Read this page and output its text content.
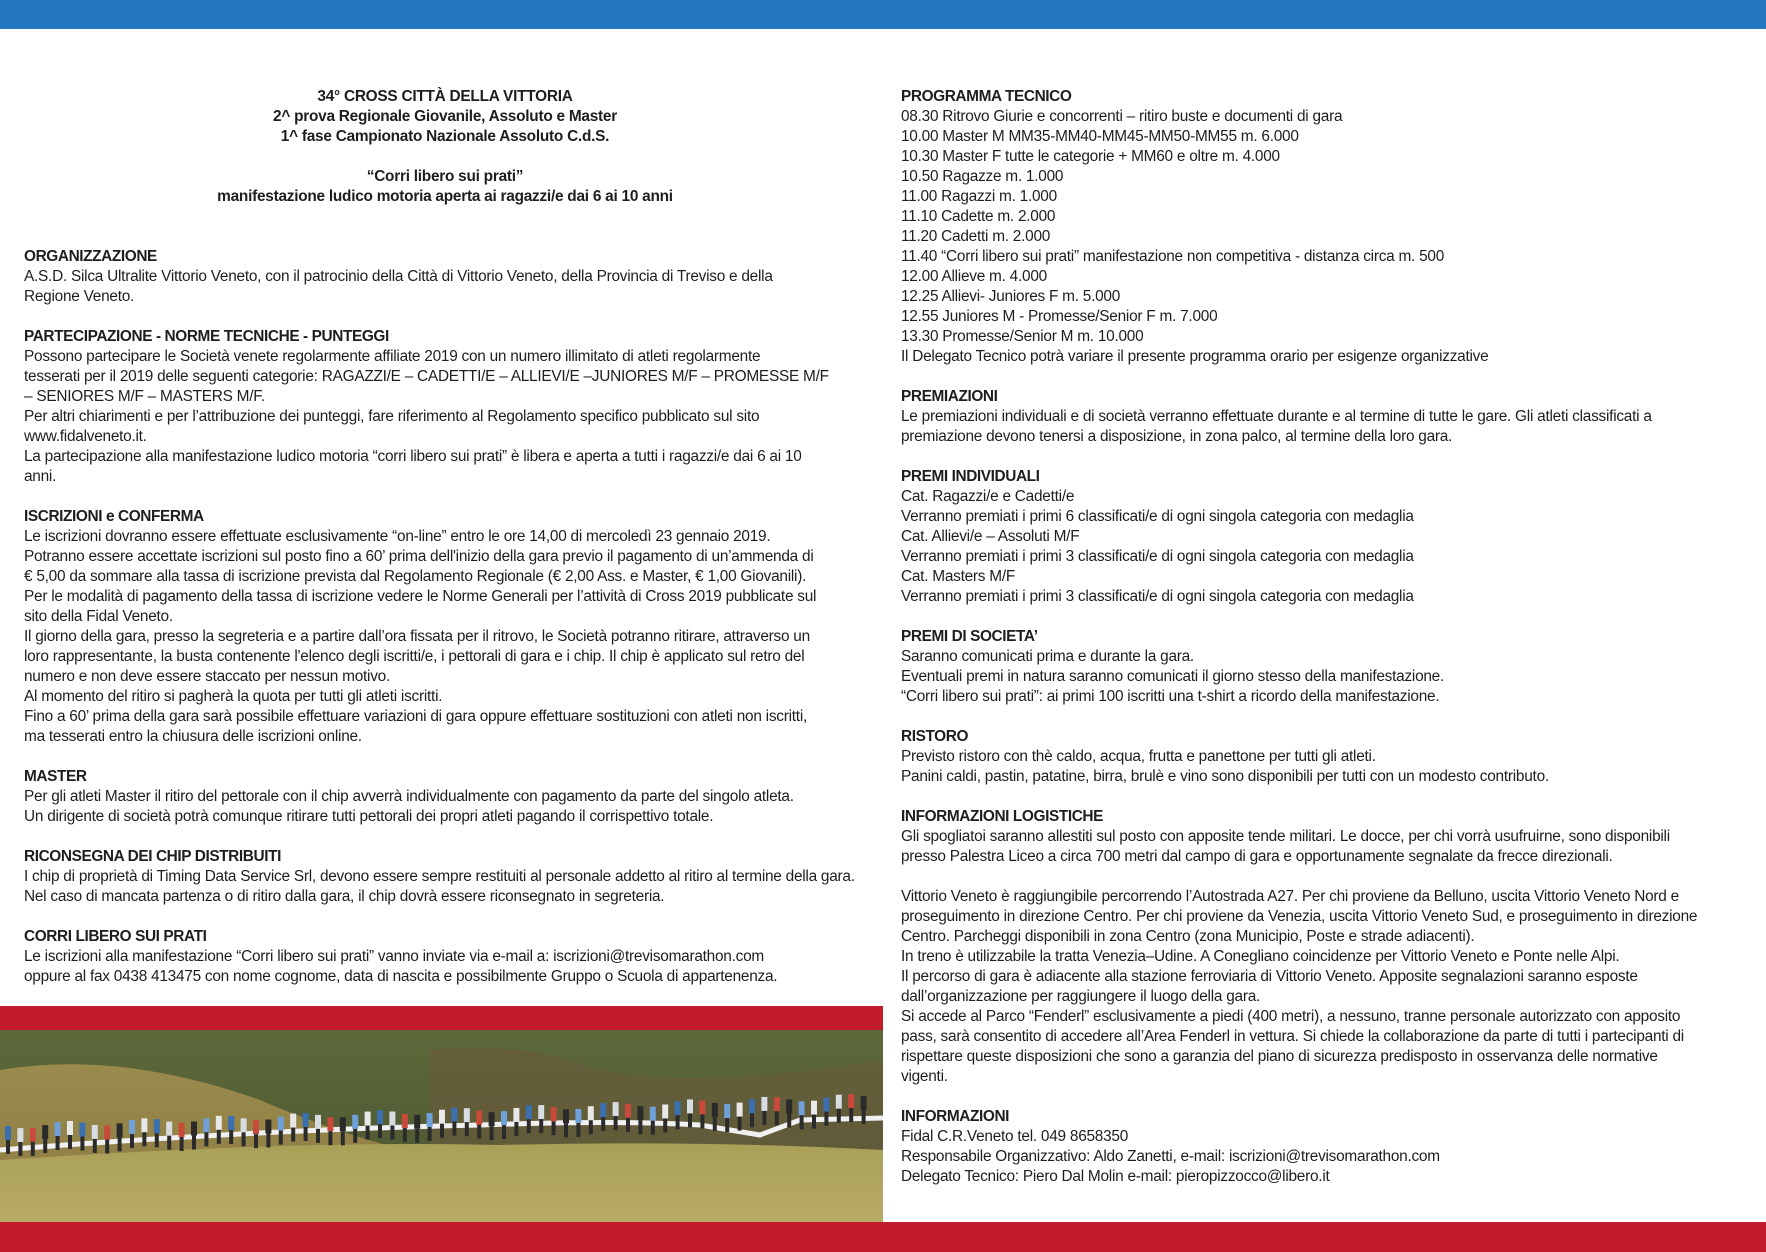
34° CROSS CITTÀ DELLA VITTORIA
2^ prova Regionale Giovanile, Assoluto e Master
1^ fase Campionato Nazionale Assoluto C.d.S.
“Corri libero sui prati”
manifestazione ludico motoria aperta ai ragazzi/e dai 6 ai 10 anni
ORGANIZZAZIONE
A.S.D. Silca Ultralite Vittorio Veneto, con il patrocinio della Città di Vittorio Veneto, della Provincia di Treviso e della
Regione Veneto.
PARTECIPAZIONE - NORME TECNICHE - PUNTEGGI
Possono partecipare le Società venete regolarmente affiliate 2019 con un numero illimitato di atleti regolarmente
tesserati per il 2019 delle seguenti categorie: RAGAZZI/E – CADETTI/E – ALLIEVI/E –JUNIORES M/F – PROMESSE M/F
– SENIORES M/F – MASTERS M/F.
Per altri chiarimenti e per l’attribuzione dei punteggi, fare riferimento al Regolamento specifico pubblicato sul sito
www.fidalveneto.it.
La partecipazione alla manifestazione ludico motoria “corri libero sui prati” è libera e aperta a tutti i ragazzi/e dai 6 ai 10
anni.
ISCRIZIONI e CONFERMA
Le iscrizioni dovranno essere effettuate esclusivamente “on-line” entro le ore 14,00 di mercoledì 23 gennaio 2019.
Potranno essere accettate iscrizioni sul posto fino a 60’ prima dell'inizio della gara previo il pagamento di un’ammenda di
€ 5,00 da sommare alla tassa di iscrizione prevista dal Regolamento Regionale (€ 2,00 Ass. e Master, € 1,00 Giovanili).
Per le modalità di pagamento della tassa di iscrizione vedere le Norme Generali per l’attività di Cross 2019 pubblicate sul
sito della Fidal Veneto.
Il giorno della gara, presso la segreteria e a partire dall’ora fissata per il ritrovo, le Società potranno ritirare, attraverso un
loro rappresentante, la busta contenente l'elenco degli iscritti/e, i pettorali di gara e i chip. Il chip è applicato sul retro del
numero e non deve essere staccato per nessun motivo.
Al momento del ritiro si pagherà la quota per tutti gli atleti iscritti.
Fino a 60’ prima della gara sarà possibile effettuare variazioni di gara oppure effettuare sostituzioni con atleti non iscritti,
ma tesserati entro la chiusura delle iscrizioni online.
MASTER
Per gli atleti Master il ritiro del pettorale con il chip avverrà individualmente con pagamento da parte del singolo atleta.
Un dirigente di società potrà comunque ritirare tutti pettorali dei propri atleti pagando il corrispettivo totale.
RICONSEGNA DEI CHIP DISTRIBUITI
I chip di proprietà di Timing Data Service Srl, devono essere sempre restituiti al personale addetto al ritiro al termine della gara.
Nel caso di mancata partenza o di ritiro dalla gara, il chip dovrà essere riconsegnato in segreteria.
CORRI LIBERO SUI PRATI
Le iscrizioni alla manifestazione “Corri libero sui prati” vanno inviate via e-mail a: iscrizioni@trevisomarathon.com
oppure al fax 0438 413475 con nome cognome, data di nascita e possibilmente Gruppo o Scuola di appartenenza.
PROGRAMMA TECNICO
08.30 Ritrovo Giurie e concorrenti – ritiro buste e documenti di gara
10.00 Master M MM35-MM40-MM45-MM50-MM55 m. 6.000
10.30 Master F tutte le categorie + MM60 e oltre m. 4.000
10.50 Ragazze m. 1.000
11.00 Ragazzi m. 1.000
11.10 Cadette m. 2.000
11.20 Cadetti m. 2.000
11.40 “Corri libero sui prati” manifestazione non competitiva - distanza circa m. 500
12.00 Allieve m. 4.000
12.25 Allievi- Juniores F m. 5.000
12.55 Juniores M - Promesse/Senior F m. 7.000
13.30 Promesse/Senior M m. 10.000
Il Delegato Tecnico potrà variare il presente programma orario per esigenze organizzative
PREMIAZIONI
Le premiazioni individuali e di società verranno effettuate durante e al termine di tutte le gare. Gli atleti classificati a
premiazione devono tenersi a disposizione, in zona palco, al termine della loro gara.
PREMI INDIVIDUALI
Cat. Ragazzi/e e Cadetti/e
Verranno premiati i primi 6 classificati/e di ogni singola categoria con medaglia
Cat. Allievi/e – Assoluti M/F
Verranno premiati i primi 3 classificati/e di ogni singola categoria con medaglia
Cat. Masters M/F
Verranno premiati i primi 3 classificati/e di ogni singola categoria con medaglia
PREMI DI SOCIETA’
Saranno comunicati prima e durante la gara.
Eventuali premi in natura saranno comunicati il giorno stesso della manifestazione.
“Corri libero sui prati”: ai primi 100 iscritti una t-shirt a ricordo della manifestazione.
RISTORO
Previsto ristoro con thè caldo, acqua, frutta e panettone per tutti gli atleti.
Panini caldi, pastin, patatine, birra, brulè e vino sono disponibili per tutti con un modesto contributo.
INFORMAZIONI LOGISTICHE
Gli spogliatoi saranno allestiti sul posto con apposite tende militari. Le docce, per chi vorrà usufruirne, sono disponibili
presso Palestra Liceo a circa 700 metri dal campo di gara e opportunamente segnalate da frecce direzionali.
Vittorio Veneto è raggiungibile percorrendo l’Autostrada A27. Per chi proviene da Belluno, uscita Vittorio Veneto Nord e
proseguimento in direzione Centro. Per chi proviene da Venezia, uscita Vittorio Veneto Sud, e proseguimento in direzione
Centro. Parcheggi disponibili in zona Centro (zona Municipio, Poste e strade adiacenti).
In treno è utilizzabile la tratta Venezia–Udine. A Conegliano coincidenze per Vittorio Veneto e Ponte nelle Alpi.
Il percorso di gara è adiacente alla stazione ferroviaria di Vittorio Veneto. Apposite segnalazioni saranno esposte
dall’organizzazione per raggiungere il luogo della gara.
Si accede al Parco “Fenderl” esclusivamente a piedi (400 metri), a nessuno, tranne personale autorizzato con apposito
pass, sarà consentito di accedere all’Area Fenderl in vettura. Si chiede la collaborazione da parte di tutti i partecipanti di
rispettare queste disposizioni che sono a garanzia del piano di sicurezza predisposto in osservanza delle normative
vigenti.
INFORMAZIONI
Fidal C.R.Veneto tel. 049 8658350
Responsabile Organizzativo: Aldo Zanetti, e-mail: iscrizioni@trevisomarathon.com
Delegato Tecnico: Piero Dal Molin e-mail: pieropizzocco@libero.it
